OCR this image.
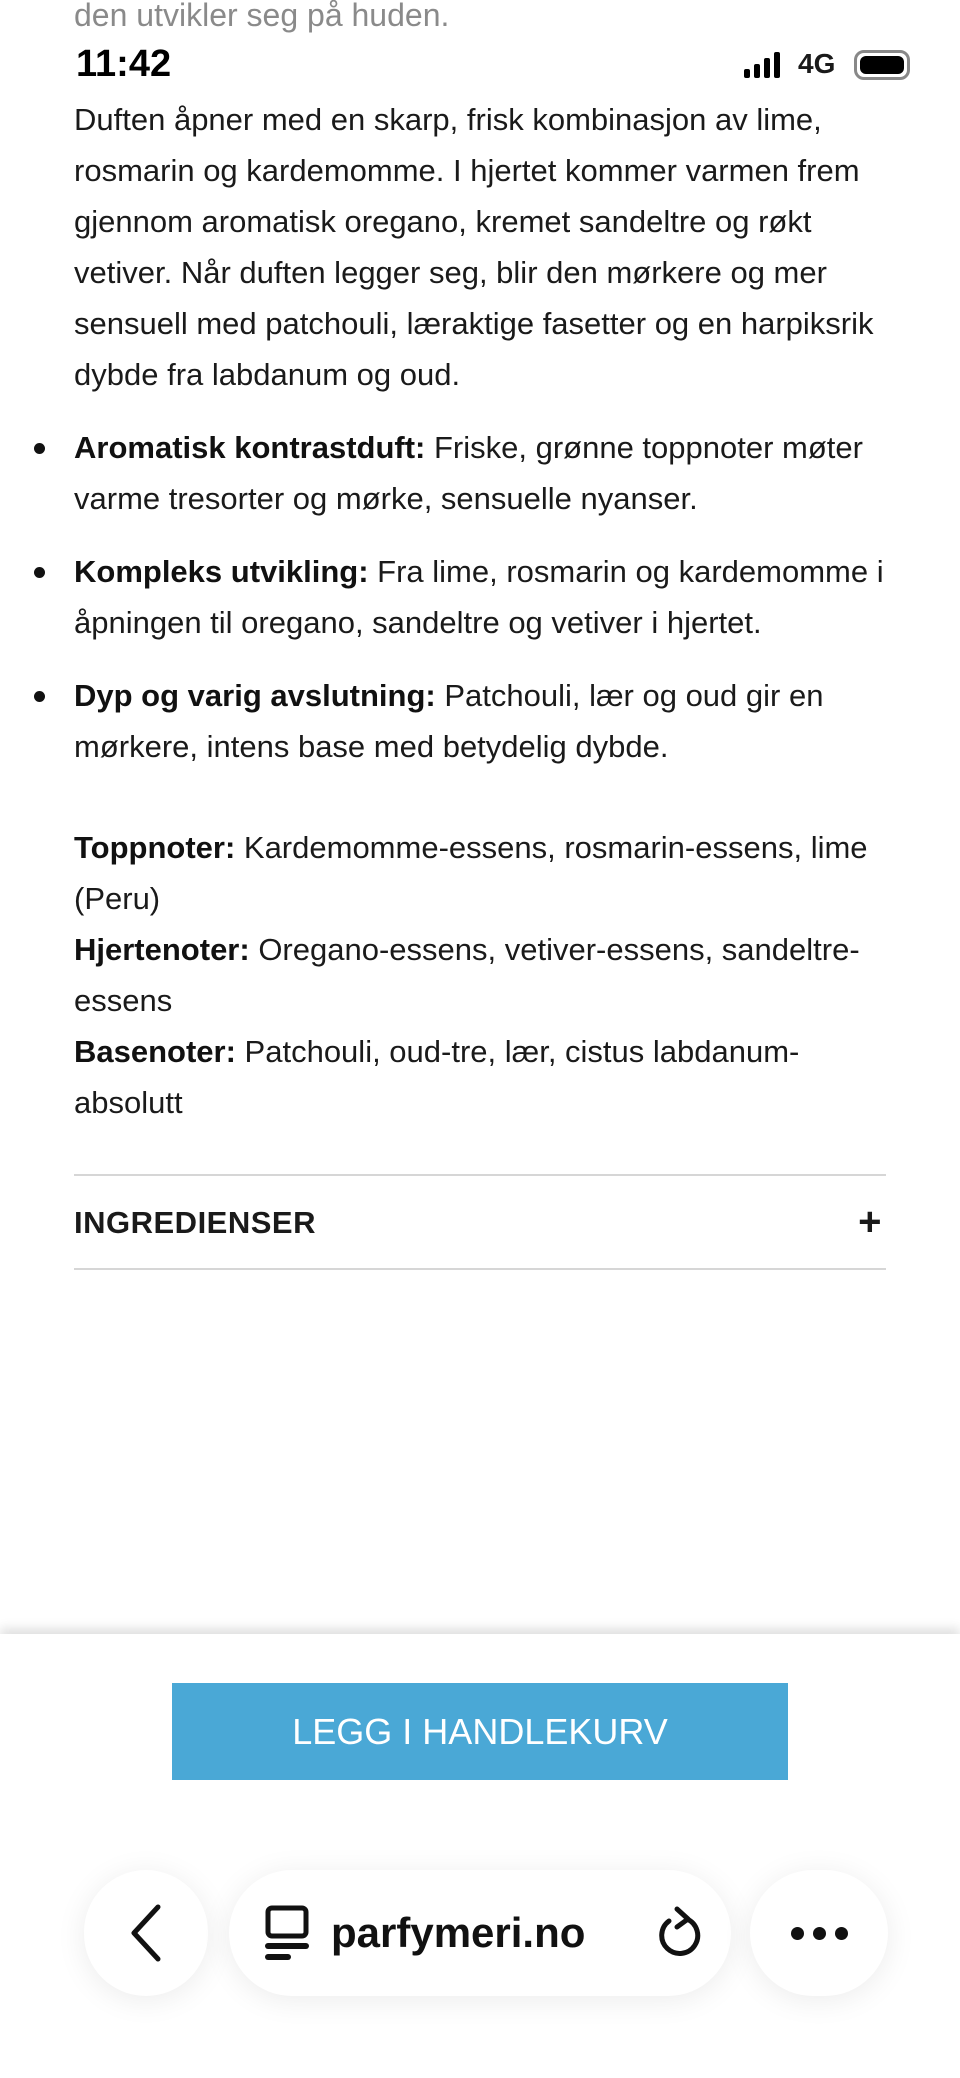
den utvikler seg på huden.
11:42	4G

Duften åpner med en skarp, frisk kombinasjon av lime, rosmarin og kardemomme. I hjertet kommer varmen frem gjennom aromatisk oregano, kremet sandeltre og røkt vetiver. Når duften legger seg, blir den mørkere og mer sensuell med patchouli, læraktige fasetter og en harpiksrik dybde fra labdanum og oud.

Aromatisk kontrastduft: Friske, grønne toppnoter møter varme tresorter og mørke, sensuelle nyanser.
Kompleks utvikling: Fra lime, rosmarin og kardemomme i åpningen til oregano, sandeltre og vetiver i hjertet.
Dyp og varig avslutning: Patchouli, lær og oud gir en mørkere, intens base med betydelig dybde.
Toppnoter: Kardemomme-essens, rosmarin-essens, lime (Peru)
Hjertenoter: Oregano-essens, vetiver-essens, sandeltre-essens
Basenoter: Patchouli, oud-tre, lær, cistus labdanum-absolutt
INGREDIENSER	+
LEGG I HANDLEKURV
parfymeri.no
